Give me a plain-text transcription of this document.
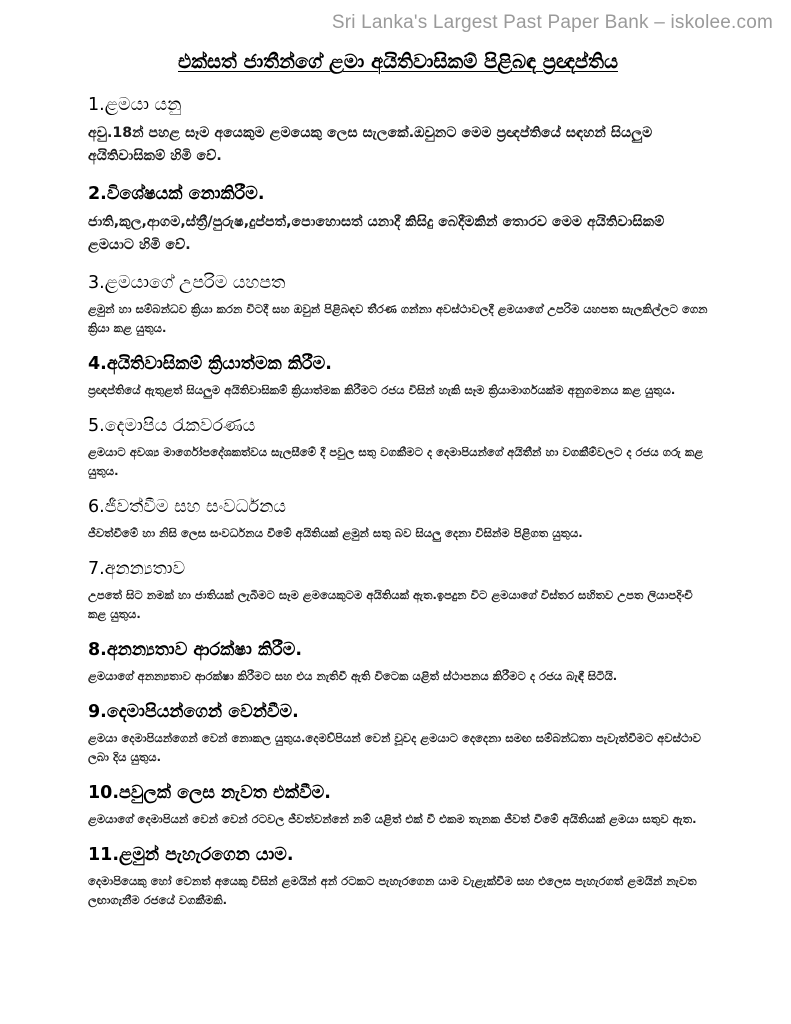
Sri Lanka's Largest Past Paper Bank – iskolee.com
එක්සත් ජාතීන්ගේ ළමා අයිතිවාසිකම් පිළිබඳ ප්‍රඥප්තිය
1.ළමයා යනු

අවු.18න් පහළ සෑම අයෙකුම ළමයෙකු ලෙස සැලකේ.ඔවුනට මෙම ප්‍රඥප්තියේ සඳහන් සියලුම අයිතිවාසිකම් හිමි වේ.

2.විශේෂයක් නොකිරීම.

ජාති,කුල,ආගම,ස්ත්‍රී/පුරුෂ,දුප්පත්,පොහොසත් යනාදී කිසිදු බෙදීමකින් තොරව මෙම අයිතිවාසිකම් ළමයාට හිමි වේ.

3.ළමයාගේ උපරිම යහපත

ළමුන් හා සම්බන්ධව ක්‍රියා කරන විටදී සහ ඔවුන් පිළිබඳව තීරණ ගන්නා අවස්ථාවලදී ළමයාගේ උපරිම යහපත සැලකිල්ලට ගෙන ක්‍රියා කළ යුතුය.

4.අයිතිවාසිකම් ක්‍රියාත්මක කිරීම.

ප්‍රඥප්තියේ ඇතුළත් සියලුම අයිතිවාසිකම් ක්‍රියාත්මක කිරීමට රජය විසින් හැකි සෑම ක්‍රියාමාර්ගයක්ම අනුගමනය කළ යුතුය.

5.දෙමාපිය රැකවරණය

ළමයාට අවශ්‍ය මාර්ගෝපදේශකත්වය සැලසීමේ දී පවුල සතු වගකීමට ද දෙමාපියන්ගේ අයිතීන් හා වගකීම්වලට ද රජය ගරු කළ යුතුය.

6.ජීවත්වීම සහ සංවර්ධනය

ජීවත්වීමේ හා නිසි ලෙස සංවර්ධනය වීමේ අයිතියක් ළමුන් සතු බව සියලු දෙනා විසින්ම පිළිගත යුතුය.

7.අනන්‍යතාව

උපතේ සිට නමක් හා ජාතියක් ලැබීමට සෑම ළමයෙකුටම අයිතියක් ඇත.ඉපදුන විට ළමයාගේ විස්තර සහිතව උපත ලියාපදිංචි කළ යුතුය.

8.අනන්‍යතාව ආරක්ෂා කිරීම.

ළමයාගේ අනන්‍යතාව ආරක්ෂා කිරීමට සහ එය නැතිවී ඇති විටෙක යළිත් ස්ථාපනය කිරීමට ද රජය බැඳී සිටියි.

9.දෙමාපියන්ගෙන් වෙන්වීම.

ළමයා දෙමාපියන්ගෙන් වෙන් නොකල යුතුය.දෙමව්පියන් වෙන් වූවද ළමයාට දෙදෙනා සමඟ සම්බන්ධතා පැවැත්වීමට අවස්ථාව ලබා දිය යුතුය.

10.පවුලක් ලෙස නැවත එක්වීම.

ළමයාගේ දෙමාපියන් වෙන් වෙන් රටවල ජීවත්වන්නේ නම් යළිත් එක් වී එකම තැනක ජීවත් වීමේ අයිතියක් ළමයා සතුව ඇත.

11.ළමුන් පැහැරගෙන යාම.

දෙමාපියෙකු හෝ වෙනත් අයෙකු විසින් ළමයින් අන් රටකට පැහැරගෙන යාම වැළැක්වීම සහ එලෙස පැහැරගත් ළමයින් නැවත ලඟාගැනීම රජයේ වගකීමකි.
